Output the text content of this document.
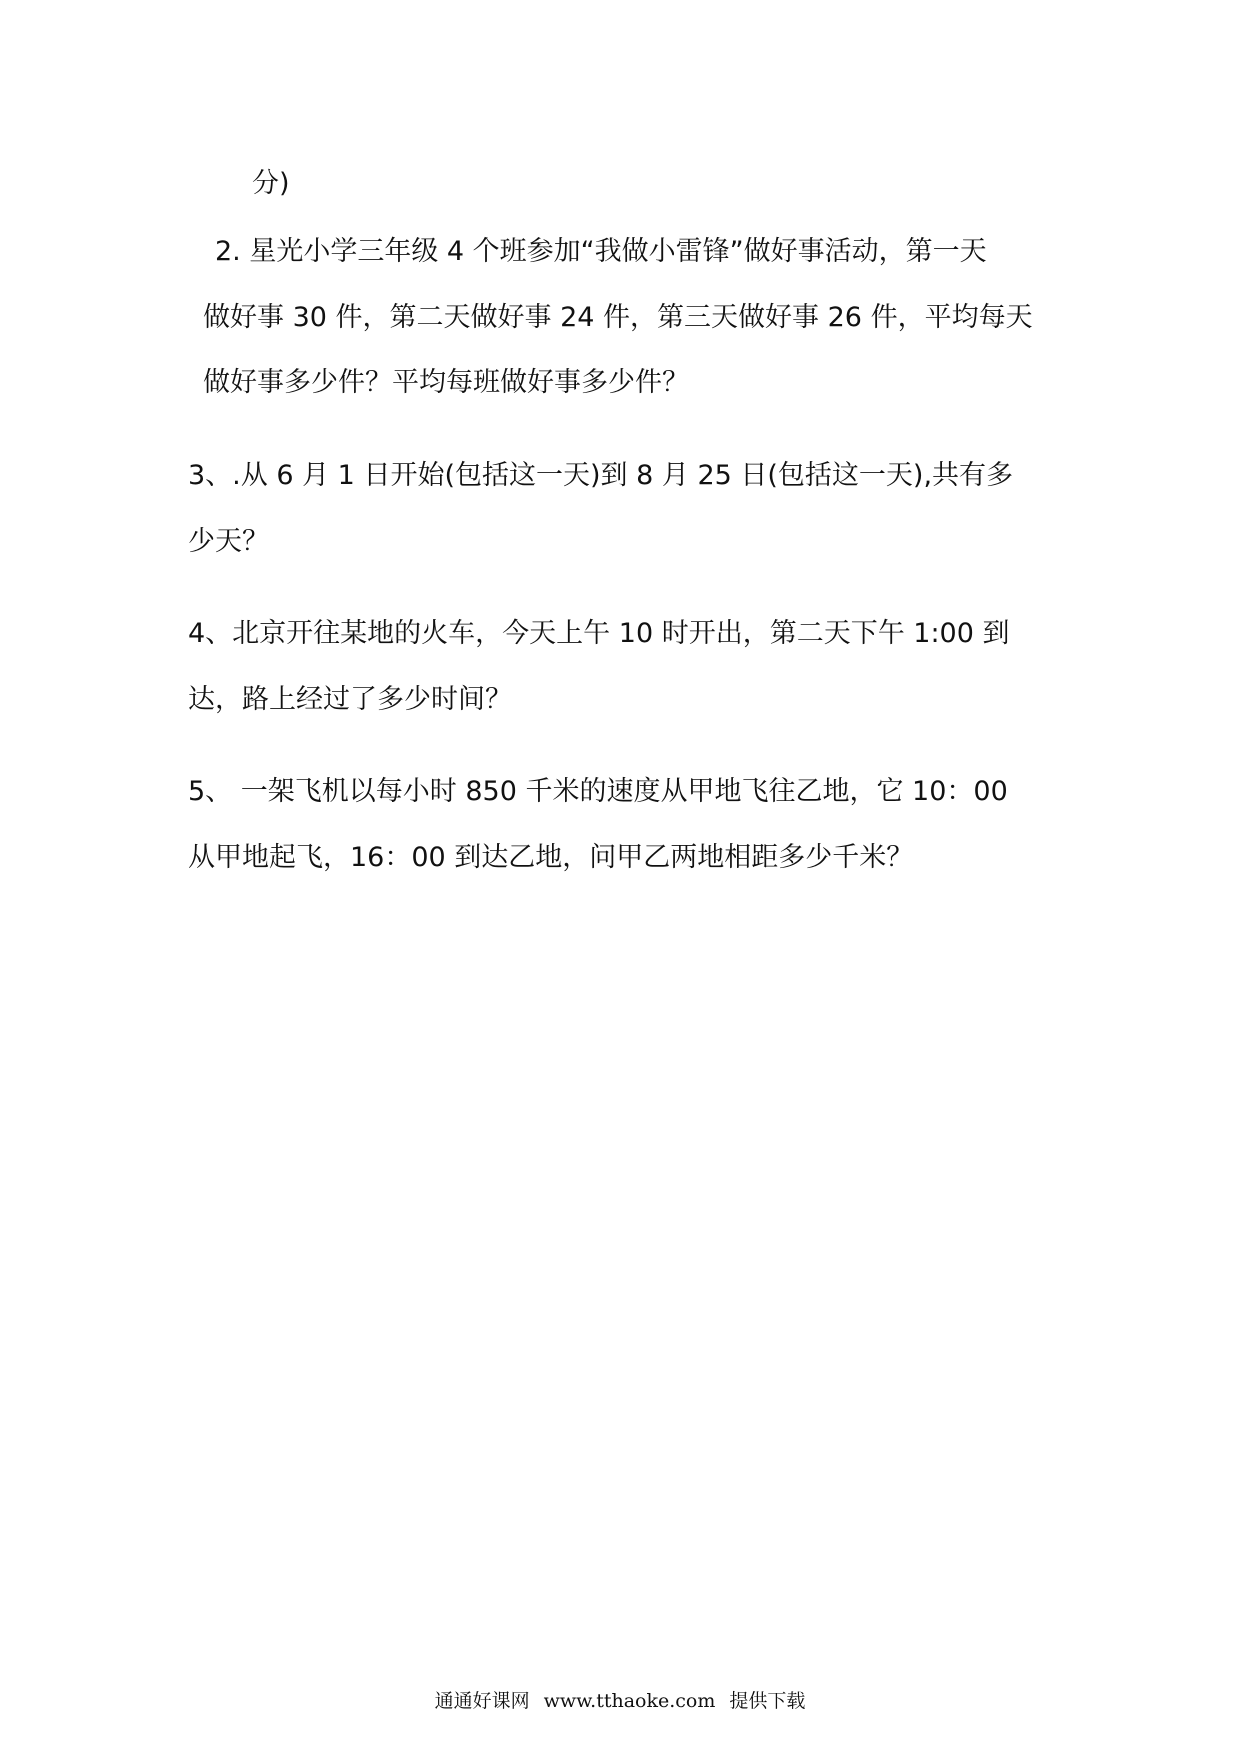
分)
2. 星光小学三年级 4 个班参加“我做小雷锋”做好事活动，第一天
做好事 30 件，第二天做好事 24 件，第三天做好事 26 件，平均每天
做好事多少件？平均每班做好事多少件？
3、.从 6 月 1 日开始(包括这一天)到 8 月 25 日(包括这一天),共有多
少天？
4、北京开往某地的火车，今天上午 10 时开出，第二天下午 1:00 到
达，路上经过了多少时间？
5、 一架飞机以每小时 850 千米的速度从甲地飞往乙地，它 10：00
从甲地起飞，16：00 到达乙地，问甲乙两地相距多少千米？
通通好课网 www.tthaoke.com 提供下载
